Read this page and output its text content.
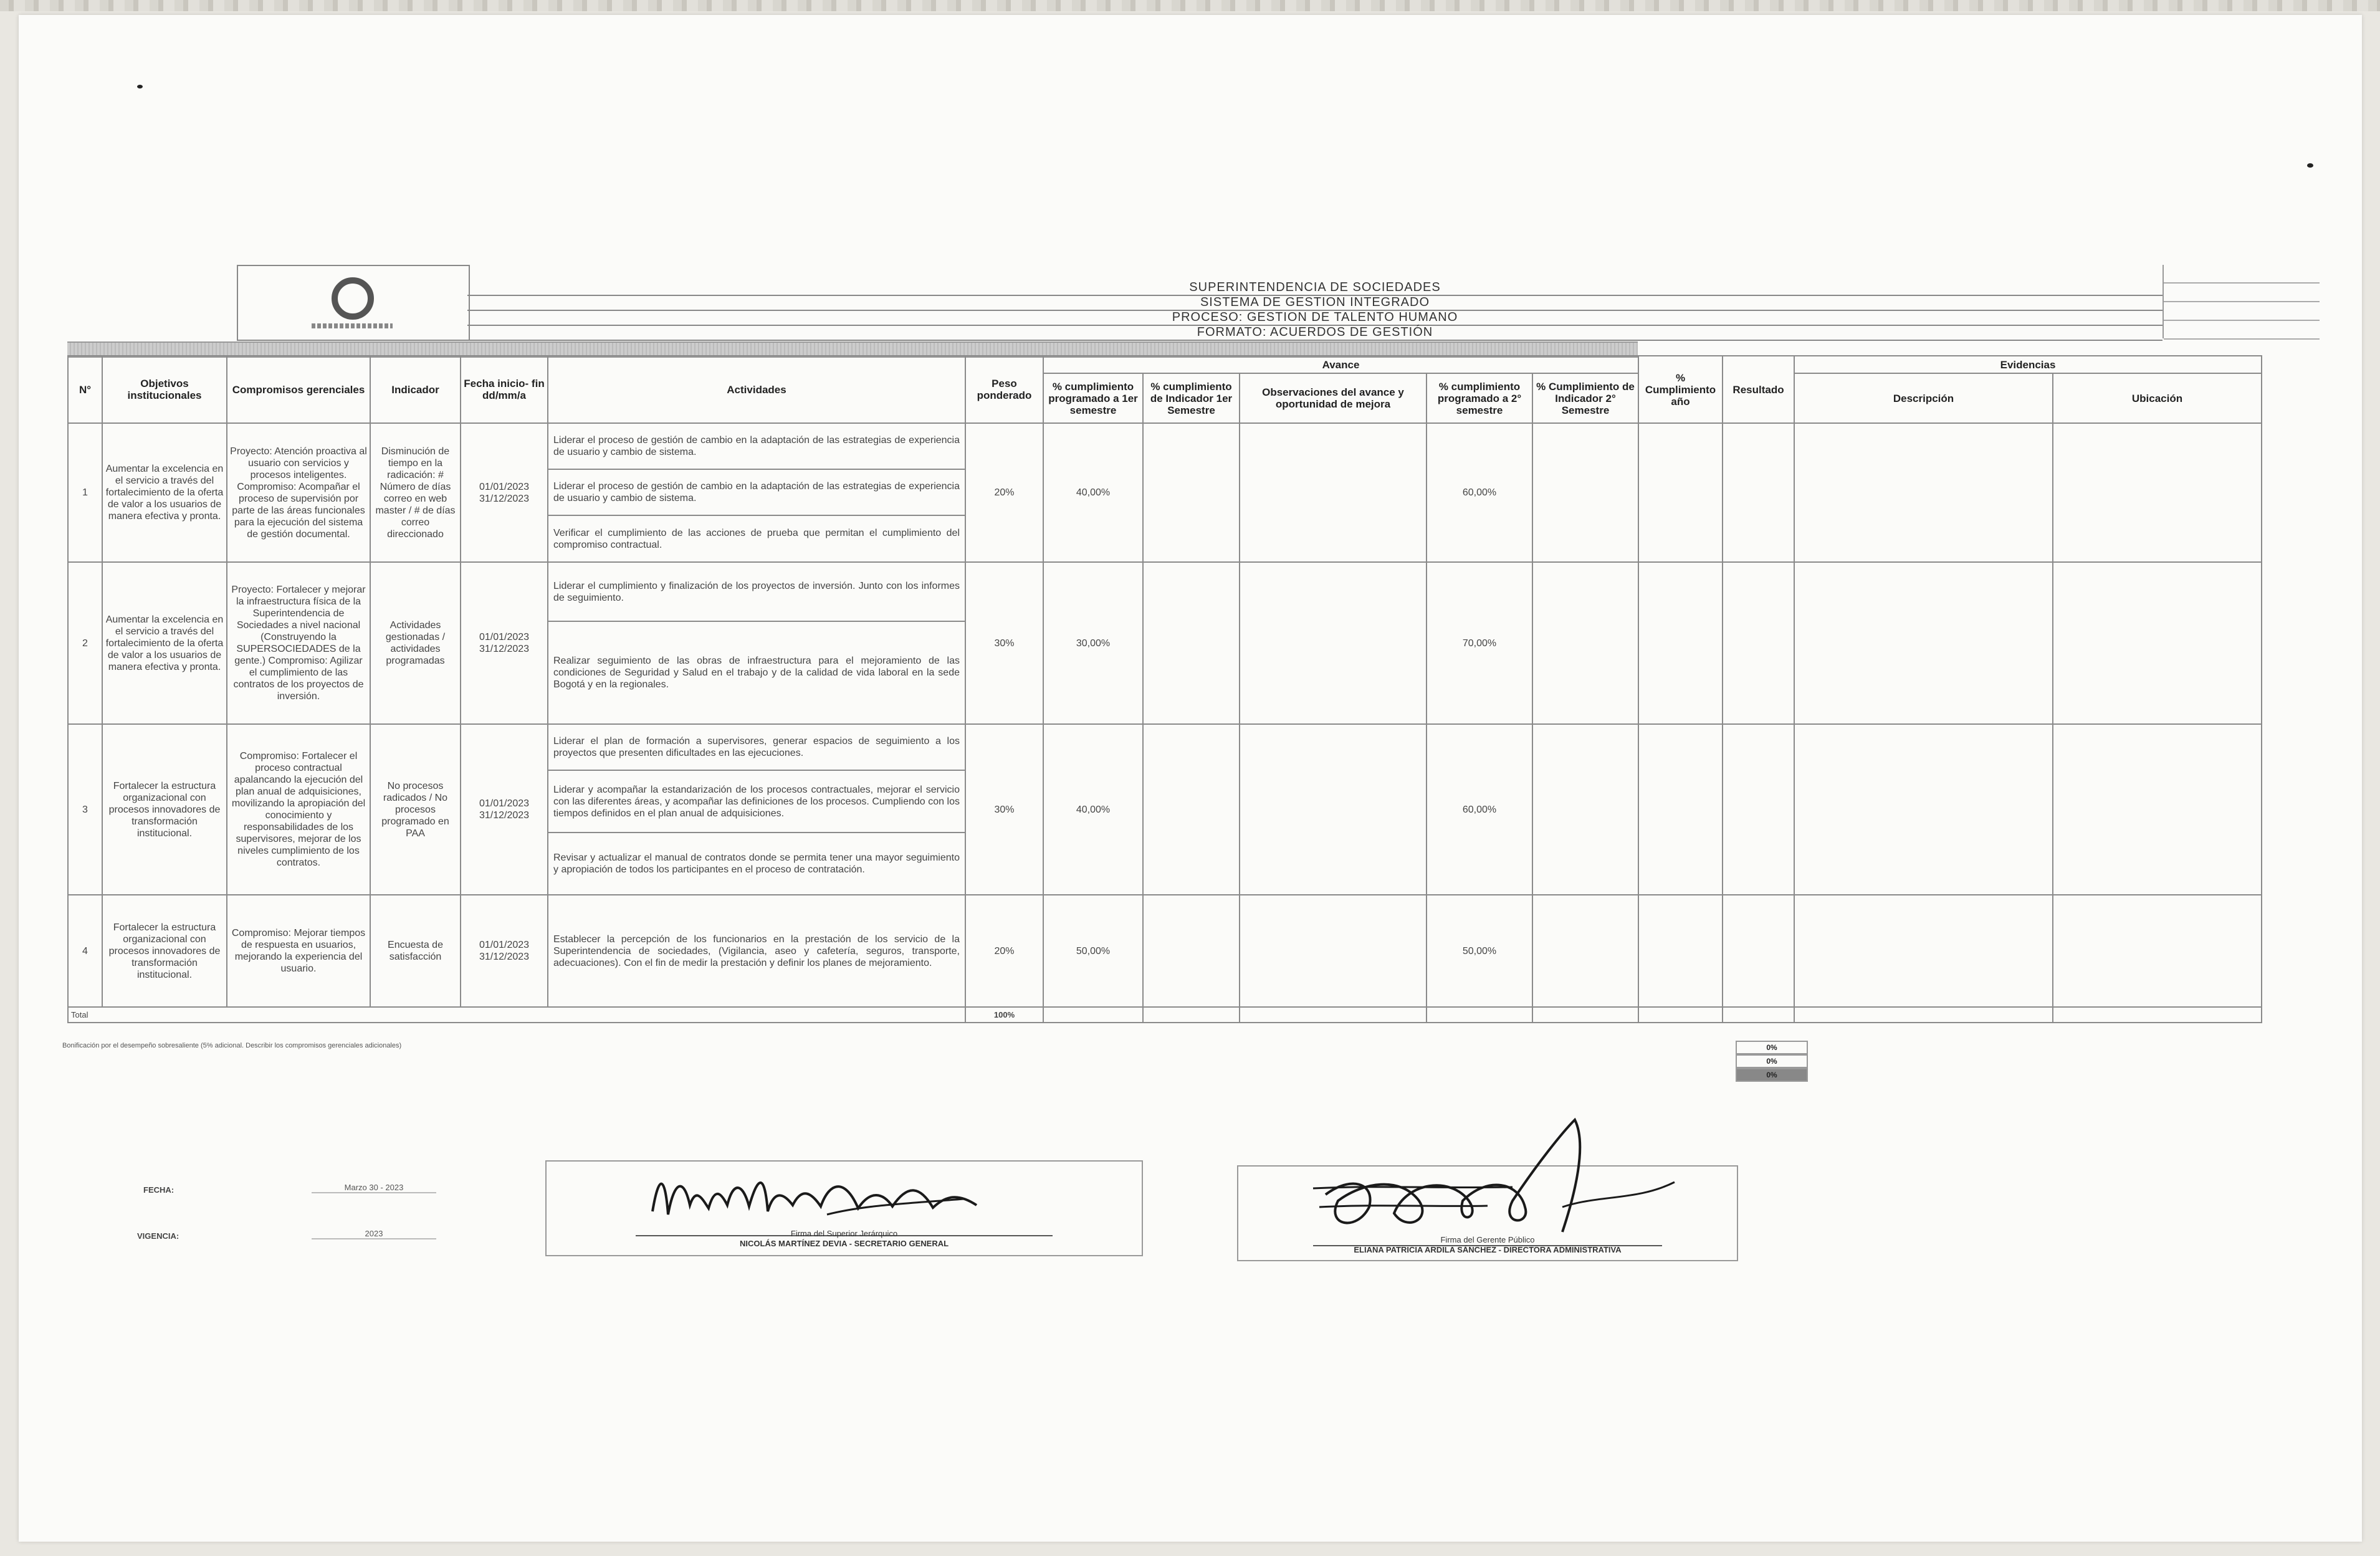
SUPERINTENDENCIA DE SOCIEDADES
SISTEMA DE GESTION INTEGRADO
PROCESO: GESTION DE TALENTO HUMANO
FORMATO: ACUERDOS DE GESTIÓN
N°	Objetivos institucionales	Compromisos gerenciales	Indicador	Fecha inicio- fin dd/mm/a	Actividades	Peso ponderado	Avance					% Cumplimiento año	Resultado	Evidencias	
							% cumplimiento programado a 1er semestre	% cumplimiento de Indicador 1er Semestre	Observaciones del avance y oportunidad de mejora	% cumplimiento programado a 2° semestre	% Cumplimiento de Indicador 2° Semestre			Descripción	Ubicación
1	Aumentar la excelencia en el servicio a través del fortalecimiento de la oferta de valor a los usuarios de manera efectiva y pronta.	Proyecto: Atención proactiva al usuario con servicios y procesos inteligentes. Compromiso: Acompañar el proceso de supervisión por parte de las áreas funcionales para la ejecución del sistema de gestión documental.	Disminución de tiempo en la radicación: # Número de días correo en web master / # de días correo direccionado	01/01/2023 31/12/2023	Liderar el proceso de gestión de cambio en la adaptación de las estrategias de experiencia de usuario y cambio de sistema.	20%	40,00%			60,00%					
					Liderar el proceso de gestión de cambio en la adaptación de las estrategias de experiencia de usuario y cambio de sistema.										
					Verificar el cumplimiento de las acciones de prueba que permitan el cumplimiento del compromiso contractual.										
2	Aumentar la excelencia en el servicio a través del fortalecimiento de la oferta de valor a los usuarios de manera efectiva y pronta.	Proyecto: Fortalecer y mejorar la infraestructura física de la Superintendencia de Sociedades a nivel nacional (Construyendo la SUPERSOCIEDADES de la gente.) Compromiso: Agilizar el cumplimiento de las contratos de los proyectos de inversión.	Actividades gestionadas / actividades programadas	01/01/2023 31/12/2023	Liderar el cumplimiento y finalización de los proyectos de inversión. Junto con los informes de seguimiento.	30%	30,00%			70,00%					
					Realizar seguimiento de las obras de infraestructura para el mejoramiento de las condiciones de Seguridad y Salud en el trabajo y de la calidad de vida laboral en la sede Bogotá y en la regionales.										
3	Fortalecer la estructura organizacional con procesos innovadores de transformación institucional.	Compromiso: Fortalecer el proceso contractual apalancando la ejecución del plan anual de adquisiciones, movilizando la apropiación del conocimiento y responsabilidades de los supervisores, mejorar de los niveles cumplimiento de los contratos.	No procesos radicados / No procesos programado en PAA	01/01/2023 31/12/2023	Liderar el plan de formación a supervisores, generar espacios de seguimiento a los proyectos que presenten dificultades en las ejecuciones.	30%	40,00%			60,00%					
					Liderar y acompañar la estandarización de los procesos contractuales, mejorar el servicio con las diferentes áreas, y acompañar las definiciones de los procesos. Cumpliendo con los tiempos definidos en el plan anual de adquisiciones.										
					Revisar y actualizar el manual de contratos donde se permita tener una mayor seguimiento y apropiación de todos los participantes en el proceso de contratación.										
4	Fortalecer la estructura organizacional con procesos innovadores de transformación institucional.	Compromiso: Mejorar tiempos de respuesta en usuarios, mejorando la experiencia del usuario.	Encuesta de satisfacción	01/01/2023 31/12/2023	Establecer la percepción de los funcionarios en la prestación de los servicio de la Superintendencia de sociedades, (Vigilancia, aseo y cafetería, seguros, transporte, adecuaciones). Con el fin de medir la prestación y definir los planes de mejoramiento.	20%	50,00%			50,00%					
Total						100%									
Bonificación por el desempeño sobresaliente (5% adicional. Describir los compromisos gerenciales adicionales)	0%
0%
0%
FECHA:	Marzo 30 - 2023
VIGENCIA:	2023	Firma del Superior Jerárquico
NICOLÁS MARTÍNEZ DEVIA - SECRETARIO GENERAL	Firma del Gerente Público
ELIANA PATRICIA ARDILA SÁNCHEZ - DIRECTORA ADMINISTRATIVA
